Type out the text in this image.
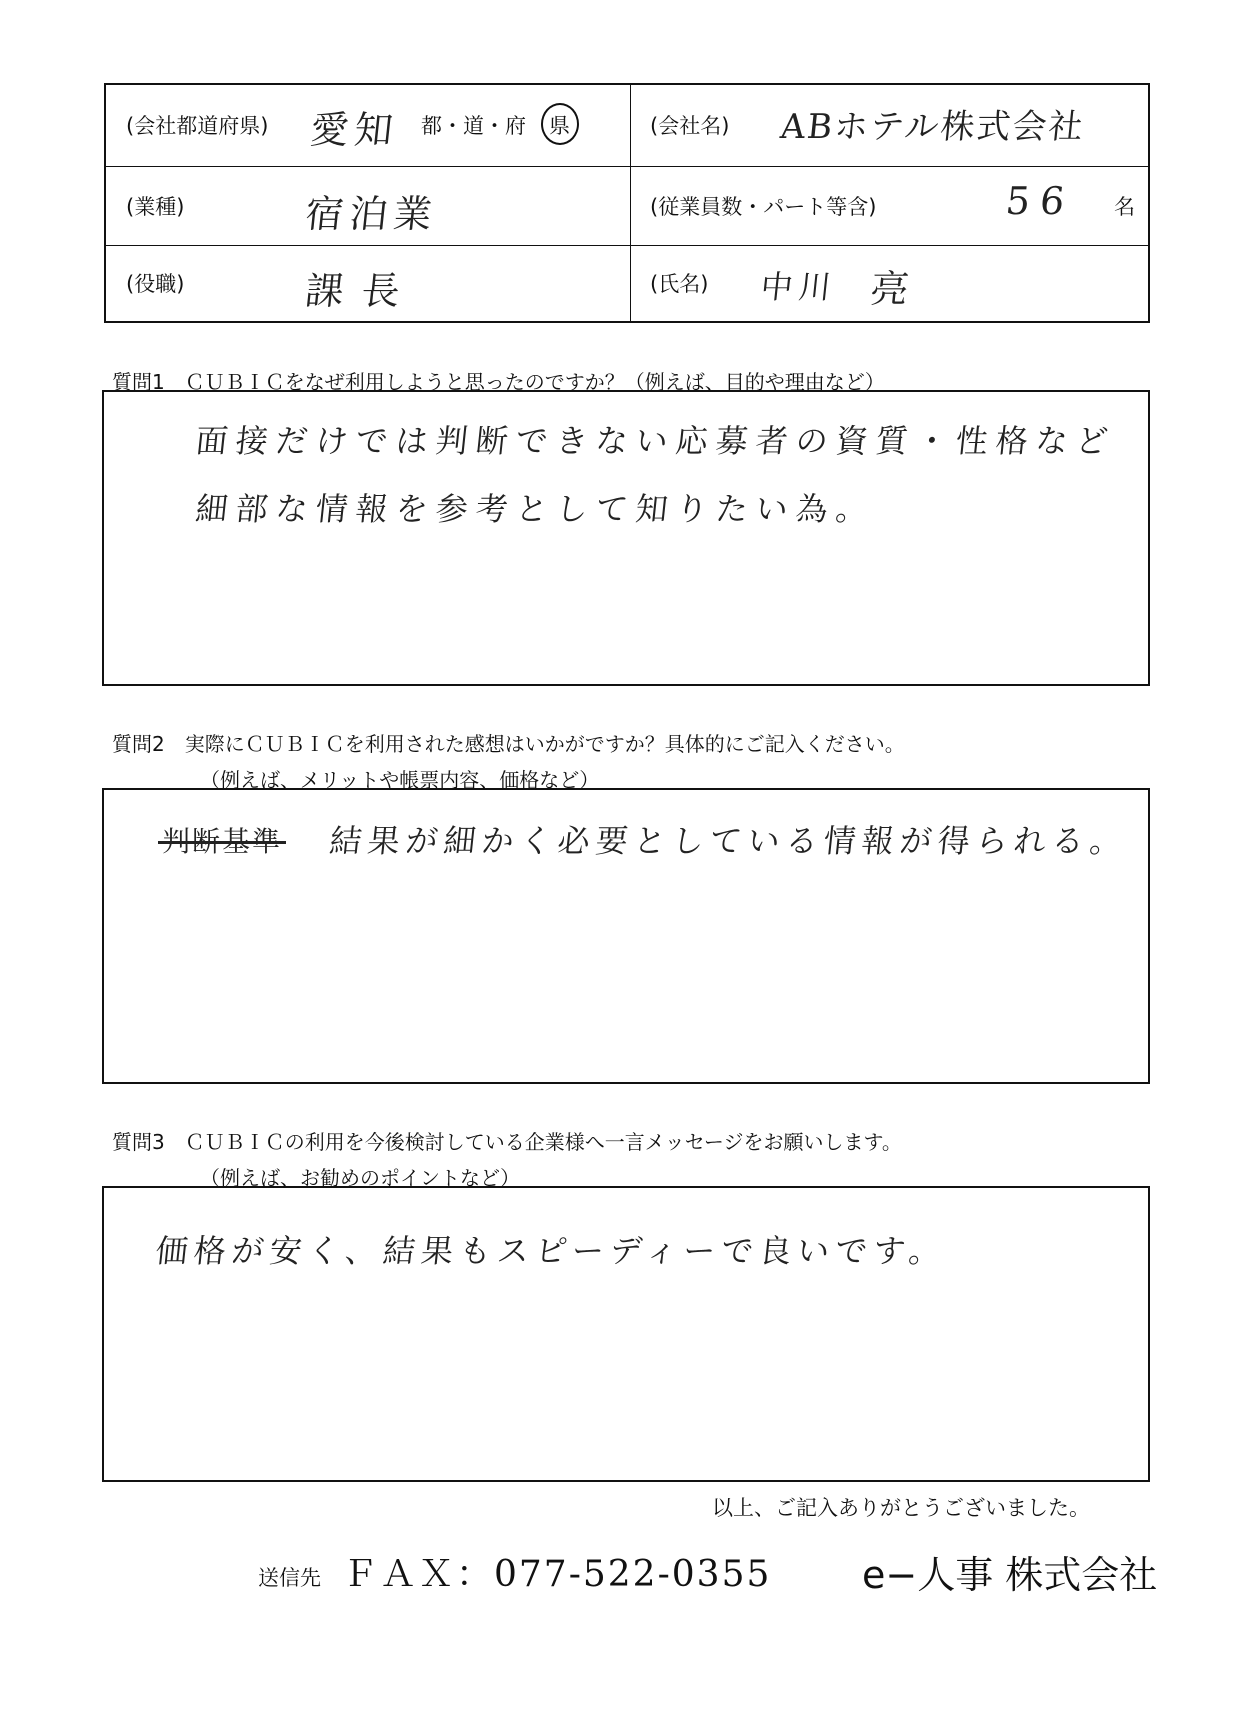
(会社都道府県) 愛知 都・道・府 県	(会社名) ABホテル株式会社
(業種)	宿泊業	(従業員数・パート等含)	56 名
(役職)	課長	(氏名) 中川 亮
質問1　ＣＵＢＩＣをなぜ利用しようと思ったのですか？（例えば、目的や理由など）
面接だけでは判断できない応募者の資質・性格など
細部な情報を参考として知りたい為。
質問2　実際にＣＵＢＩＣを利用された感想はいかがですか？具体的にご記入ください。
（例えば、メリットや帳票内容、価格など）
判断基準 結果が細かく必要としている情報が得られる。
質問3　ＣＵＢＩＣの利用を今後検討している企業様へ一言メッセージをお願いします。
（例えば、お勧めのポイントなど）
価格が安く、結果もスピーディーで良いです。
以上、ご記入ありがとうございました。
送信先 ＦＡＸ：077-522-0355 e−人事 株式会社
